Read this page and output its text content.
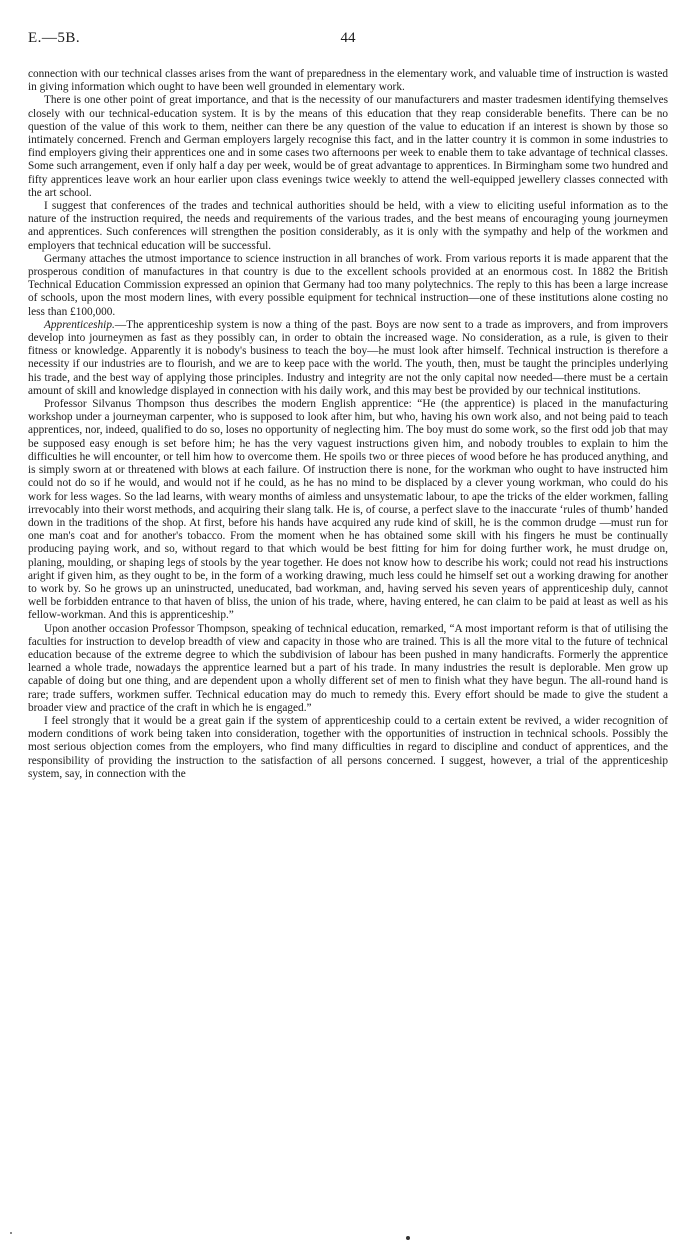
E.—5B.	44

connection with our technical classes arises from the want of preparedness in the elementary work, and valuable time of instruction is wasted in giving information which ought to have been well grounded in elementary work.

There is one other point of great importance, and that is the necessity of our manufacturers and master tradesmen identifying themselves closely with our technical-education system. It is by the means of this education that they reap considerable benefits. There can be no question of the value of this work to them, neither can there be any question of the value to education if an interest is shown by those so intimately concerned. French and German employers largely recognise this fact, and in the latter country it is common in some industries to find employers giving their apprentices one and in some cases two afternoons per week to enable them to take advantage of technical classes. Some such arrangement, even if only half a day per week, would be of great advantage to apprentices. In Birmingham some two hundred and fifty apprentices leave work an hour earlier upon class evenings twice weekly to attend the well-equipped jewellery classes connected with the art school.

I suggest that conferences of the trades and technical authorities should be held, with a view to eliciting useful information as to the nature of the instruction required, the needs and requirements of the various trades, and the best means of encouraging young journeymen and apprentices. Such conferences will strengthen the position considerably, as it is only with the sympathy and help of the workmen and employers that technical education will be successful.

Germany attaches the utmost importance to science instruction in all branches of work. From various reports it is made apparent that the prosperous condition of manufactures in that country is due to the excellent schools provided at an enormous cost. In 1882 the British Technical Education Commission expressed an opinion that Germany had too many polytechnics. The reply to this has been a large increase of schools, upon the most modern lines, with every possible equipment for technical instruction—one of these institutions alone costing no less than £100,000.

Apprenticeship.—The apprenticeship system is now a thing of the past. Boys are now sent to a trade as improvers, and from improvers develop into journeymen as fast as they possibly can, in order to obtain the increased wage. No consideration, as a rule, is given to their fitness or knowledge. Apparently it is nobody's business to teach the boy—he must look after himself. Technical instruction is therefore a necessity if our industries are to flourish, and we are to keep pace with the world. The youth, then, must be taught the principles underlying his trade, and the best way of applying those principles. Industry and integrity are not the only capital now needed—there must be a certain amount of skill and knowledge displayed in connection with his daily work, and this may best be provided by our technical institutions.

Professor Silvanus Thompson thus describes the modern English apprentice: “He (the apprentice) is placed in the manufacturing workshop under a journeyman carpenter, who is supposed to look after him, but who, having his own work also, and not being paid to teach apprentices, nor, indeed, qualified to do so, loses no opportunity of neglecting him. The boy must do some work, so the first odd job that may be supposed easy enough is set before him; he has the very vaguest instructions given him, and nobody troubles to explain to him the difficulties he will encounter, or tell him how to overcome them. He spoils two or three pieces of wood before he has produced anything, and is simply sworn at or threatened with blows at each failure. Of instruction there is none, for the workman who ought to have instructed him could not do so if he would, and would not if he could, as he has no mind to be displaced by a clever young workman, who could do his work for less wages. So the lad learns, with weary months of aimless and unsystematic labour, to ape the tricks of the elder workmen, falling irrevocably into their worst methods, and acquiring their slang talk. He is, of course, a perfect slave to the inaccurate ‘rules of thumb’ handed down in the traditions of the shop. At first, before his hands have acquired any rude kind of skill, he is the common drudge —must run for one man's coat and for another's tobacco. From the moment when he has obtained some skill with his fingers he must be continually producing paying work, and so, without regard to that which would be best fitting for him for doing further work, he must drudge on, planing, moulding, or shaping legs of stools by the year together. He does not know how to describe his work; could not read his instructions aright if given him, as they ought to be, in the form of a working drawing, much less could he himself set out a working drawing for another to work by. So he grows up an uninstructed, uneducated, bad workman, and, having served his seven years of apprenticeship duly, cannot well be forbidden entrance to that haven of bliss, the union of his trade, where, having entered, he can claim to be paid at least as well as his fellow-workman. And this is apprenticeship.”

Upon another occasion Professor Thompson, speaking of technical education, remarked, “A most important reform is that of utilising the faculties for instruction to develop breadth of view and capacity in those who are trained. This is all the more vital to the future of technical education because of the extreme degree to which the subdivision of labour has been pushed in many handicrafts. Formerly the apprentice learned a whole trade, nowadays the apprentice learned but a part of his trade. In many industries the result is deplorable. Men grow up capable of doing but one thing, and are dependent upon a wholly different set of men to finish what they have begun. The all-round hand is rare; trade suffers, workmen suffer. Technical education may do much to remedy this. Every effort should be made to give the student a broader view and practice of the craft in which he is engaged.”

I feel strongly that it would be a great gain if the system of apprenticeship could to a certain extent be revived, a wider recognition of modern conditions of work being taken into consideration, together with the opportunities of instruction in technical schools. Possibly the most serious objection comes from the employers, who find many difficulties in regard to discipline and conduct of apprentices, and the responsibility of providing the instruction to the satisfaction of all persons concerned. I suggest, however, a trial of the apprenticeship system, say, in connection with the
